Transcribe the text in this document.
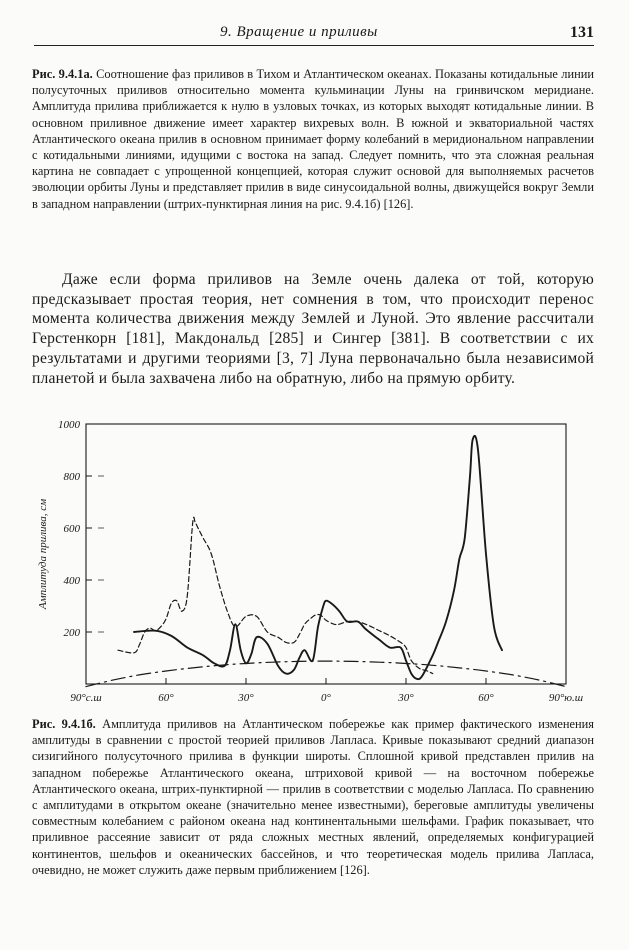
9. Вращение и приливы	131
Рис. 9.4.1а. Соотношение фаз приливов в Тихом и Атлантическом океанах. Показаны котидальные линии полусуточных приливов относительно момента кульминации Луны на гринвичском меридиане. Амплитуда прилива приближается к нулю в узловых точках, из которых выходят котидальные линии. В основном приливное движение имеет характер вихревых волн. В южной и экваториальной частях Атлантического океана прилив в основном принимает форму колебаний в меридиональном направлении с котидальными линиями, идущими с востока на запад. Следует помнить, что эта сложная реальная картина не совпадает с упрощенной концепцией, которая служит основой для выполняемых расчетов эволюции орбиты Луны и представляет прилив в виде синусоидальной волны, движущейся вокруг Земли в западном направлении (штрих-пунктирная линия на рис. 9.4.1б) [126].
Даже если форма приливов на Земле очень далека от той, которую предсказывает простая теория, нет сомнения в том, что происходит перенос момента количества движения между Землей и Луной. Это явление рассчитали Герстенкорн [181], Макдональд [285] и Сингер [381]. В соответствии с их результатами и другими теориями [3, 7] Луна первоначально была независимой планетой и была захвачена либо на обратную, либо на прямую орбиту.
200
400
600
800
1000
90°с.ш	60°	30°	0°	30°	60°	90°ю.ш
Амплитуда прилива, см
Рис. 9.4.1б. Амплитуда приливов на Атлантическом побережье как пример фактического изменения амплитуды в сравнении с простой теорией приливов Лапласа. Кривые показывают средний диапазон сизигийного полусуточного прилива в функции широты. Сплошной кривой представлен прилив на западном побережье Атлантического океана, штриховой кривой — на восточном побережье Атлантического океана, штрих-пунктирной — прилив в соответствии с моделью Лапласа. По сравнению с амплитудами в открытом океане (значительно менее известными), береговые амплитуды увеличены совместным колебанием с районом океана над континентальными шельфами. График показывает, что приливное рассеяние зависит от ряда сложных местных явлений, определяемых конфигурацией континентов, шельфов и океанических бассейнов, и что теоретическая модель прилива Лапласа, очевидно, не может служить даже первым приближением [126].
